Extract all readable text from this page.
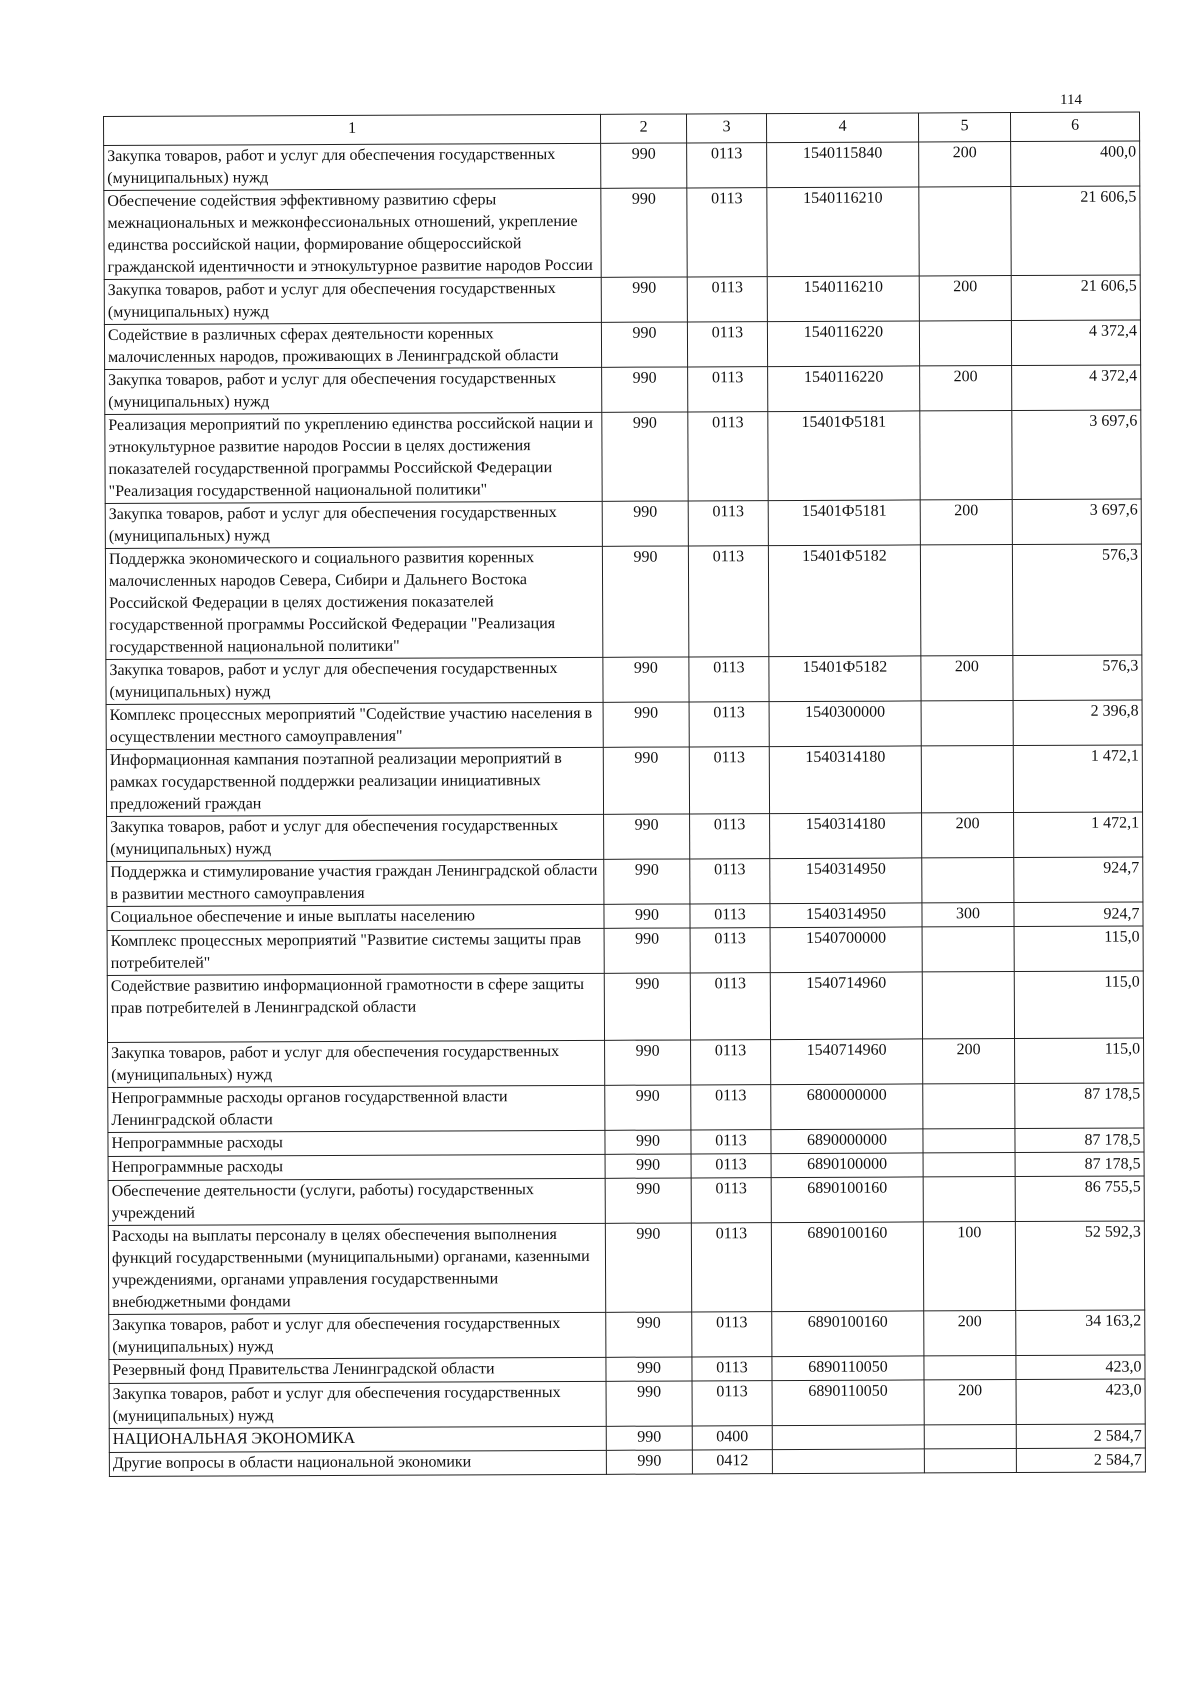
114
1	2	3	4	5	6
Закупка товаров, работ и услуг для обеспечения государственных (муниципальных) нужд	990	0113	1540115840	200	400,0
Обеспечение содействия эффективному развитию сферы межнациональных и межконфессиональных отношений, укрепление единства российской нации, формирование общероссийской гражданской идентичности и этнокультурное развитие народов России	990	0113	1540116210		21 606,5
Закупка товаров, работ и услуг для обеспечения государственных (муниципальных) нужд	990	0113	1540116210	200	21 606,5
Содействие в различных сферах деятельности коренных малочисленных народов, проживающих в Ленинградской области	990	0113	1540116220		4 372,4
Закупка товаров, работ и услуг для обеспечения государственных (муниципальных) нужд	990	0113	1540116220	200	4 372,4
Реализация мероприятий по укреплению единства российской нации и этнокультурное развитие народов России в целях достижения показателей государственной программы Российской Федерации "Реализация государственной национальной политики"	990	0113	15401Ф5181		3 697,6
Закупка товаров, работ и услуг для обеспечения государственных (муниципальных) нужд	990	0113	15401Ф5181	200	3 697,6
Поддержка экономического и социального развития коренных малочисленных народов Севера, Сибири и Дальнего Востока Российской Федерации в целях достижения показателей государственной программы Российской Федерации "Реализация государственной национальной политики"	990	0113	15401Ф5182		576,3
Закупка товаров, работ и услуг для обеспечения государственных (муниципальных) нужд	990	0113	15401Ф5182	200	576,3
Комплекс процессных мероприятий "Содействие участию населения в осуществлении местного самоуправления"	990	0113	1540300000		2 396,8
Информационная кампания поэтапной реализации мероприятий в рамках государственной поддержки реализации инициативных предложений граждан	990	0113	1540314180		1 472,1
Закупка товаров, работ и услуг для обеспечения государственных (муниципальных) нужд	990	0113	1540314180	200	1 472,1
Поддержка и стимулирование участия граждан Ленинградской области в развитии местного самоуправления	990	0113	1540314950		924,7
Социальное обеспечение и иные выплаты населению	990	0113	1540314950	300	924,7
Комплекс процессных мероприятий "Развитие системы защиты прав потребителей"	990	0113	1540700000		115,0
Содействие развитию информационной грамотности в сфере защиты прав потребителей в Ленинградской области	990	0113	1540714960		115,0
Закупка товаров, работ и услуг для обеспечения государственных (муниципальных) нужд	990	0113	1540714960	200	115,0
Непрограммные расходы органов государственной власти Ленинградской области	990	0113	6800000000		87 178,5
Непрограммные расходы	990	0113	6890000000		87 178,5
Непрограммные расходы	990	0113	6890100000		87 178,5
Обеспечение деятельности (услуги, работы) государственных учреждений	990	0113	6890100160		86 755,5
Расходы на выплаты персоналу в целях обеспечения выполнения функций государственными (муниципальными) органами, казенными учреждениями, органами управления государственными внебюджетными фондами	990	0113	6890100160	100	52 592,3
Закупка товаров, работ и услуг для обеспечения государственных (муниципальных) нужд	990	0113	6890100160	200	34 163,2
Резервный фонд Правительства Ленинградской области	990	0113	6890110050		423,0
Закупка товаров, работ и услуг для обеспечения государственных (муниципальных) нужд	990	0113	6890110050	200	423,0
НАЦИОНАЛЬНАЯ ЭКОНОМИКА	990	0400			2 584,7
Другие вопросы в области национальной экономики	990	0412			2 584,7
